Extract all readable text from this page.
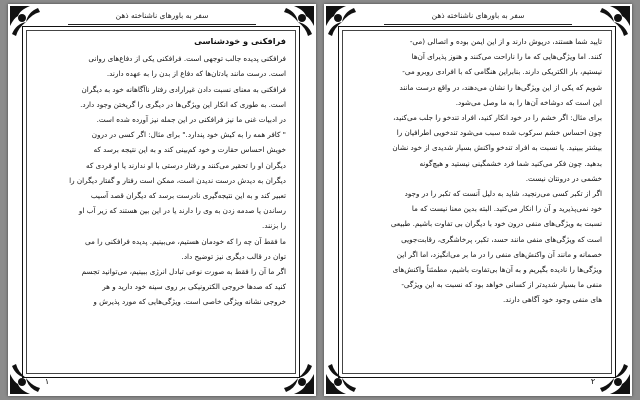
سفر به باورهای ناشناخته ذهن
فرافکنی و خودشناسی
فرافکنی پدیده جالب توجهی است. فرافکنی یکی از دفاع‌های روانی
است. درست مانند یادتان‌ها که دفاع از بدن را به عهده دارند.
فرافکنی به معنای نسبت دادن غیرارادی رفتار ناآگاهانه خود به دیگران
است. به طوری که انکار این ویژگی‌ها در دیگری را گریختن وجود دارد.
در ادبیات غنی ما نیز فرافکنی در این جمله نیز آورده شده است.
" کافر همه را به کیش خود پندارد." برای مثال: اگر کسی در درون
خویش احساس حقارت و خود کم‌بینی کند و به این نتیجه برسد که
دیگران او را تحقیر می‌کنند و رفتار درستی با او ندارند یا او فردی که
دیگران به دیدش درست ندیدن است، ممکن است رفتار و گفتار دیگران را
تعبیر کند و به این نتیجه‌گیری نادرست برسد که دیگران قصد آسیب
رساندن یا صدمه زدن به وی را دارند یا در این بین هستند که زیر آب او
را بزنند.
ما فقط آن چه را که خودمان هستیم، می‌بینیم. پدیده فرافکنی را می‌
توان در قالب دیگری نیز توضیح داد.
اگر ما آن را فقط به صورت نوعی تبادل انرژی ببینیم، می‌توانید تجسم
کنید که صدها خروجی الکترونیکی بر روی سینه خود دارید و هر
خروجی نشانه ویژگی خاصی است. ویژگی‌هایی که مورد پذیرش و
۱
سفر به باورهای ناشناخته ذهن
تایید شما هستند، درپوش دارند و از این ایمن بوده و اتصالی (می-
کنند. اما ویژگی‌هایی که ما را ناراحت می‌کنند و هنوز پذیرای آن‌ها
نیستیم، بار الکتریکی دارند. بنابراین هنگامی که با افرادی روبرو می-
شویم که یکی از این ویژگی‌ها را نشان می‌دهند، در واقع درست مانند
این است که دوشاخه آن‌ها را به ما وصل می‌شود.
برای مثال: اگر خشم را در خود انکار کنید، افراد تندخو را جلب می‌کنید،
چون احساس خشم سرکوب شده سبب می‌شود تندخویی اطرافیان را
بیشتر ببینید. یا نسبت به افراد تندخو واکنش بسیار شدیدی از خود نشان
بدهید. چون فکر می‌کنید شما فرد خشمگینی نیستید و هیچ‌گونه
خشمی در درونتان نیست.
اگر از تکبر کسی می‌رنجید، شاید به دلیل آنست که تکبر را در وجود
خود نمی‌پذیرید و آن را انکار می‌کنید. البته بدین معنا نیست که ما
نسبت به ویژگی‌های منفی درون خود با دیگران بی تفاوت باشیم. طبیعی
است که ویژگی‌های منفی مانند حسد، تکبر، پرخاشگری، رقابت‌جویی
خصمانه و مانند آن واکنش‌های منفی را در ما بر می‌انگیزد، اما اگر این
ویژگی‌ها را نادیده بگیریم و به آن‌ها بی‌تفاوت باشیم، مطمئناً واکنش‌های
منفی ما بسیار شدیدتر از کسانی خواهد بود که نسبت به این ویژگی-
های منفی وجود خود آگاهی دارند.
۲
